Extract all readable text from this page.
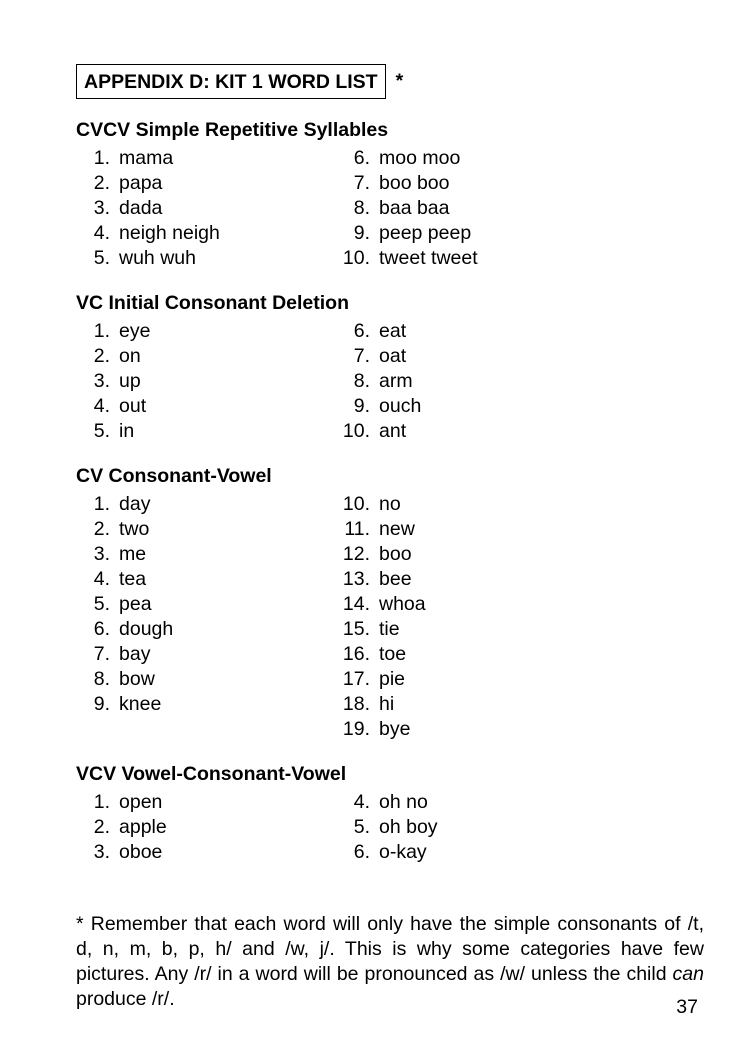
APPENDIX D: KIT 1 WORD LIST *
CVCV Simple Repetitive Syllables
1. mama
2. papa
3. dada
4. neigh neigh
5. wuh wuh
6. moo moo
7. boo boo
8. baa baa
9. peep peep
10. tweet tweet
VC Initial Consonant Deletion
1. eye
2. on
3. up
4. out
5. in
6. eat
7. oat
8. arm
9. ouch
10. ant
CV Consonant-Vowel
1. day
2. two
3. me
4. tea
5. pea
6. dough
7. bay
8. bow
9. knee
10. no
11. new
12. boo
13. bee
14. whoa
15. tie
16. toe
17. pie
18. hi
19. bye
VCV Vowel-Consonant-Vowel
1. open
2. apple
3. oboe
4. oh no
5. oh boy
6. o-kay

* Remember that each word will only have the simple consonants of /t, d, n, m, b, p, h/ and /w, j/. This is why some categories have few pictures. Any /r/ in a word will be pronounced as /w/ unless the child can produce /r/.	37
